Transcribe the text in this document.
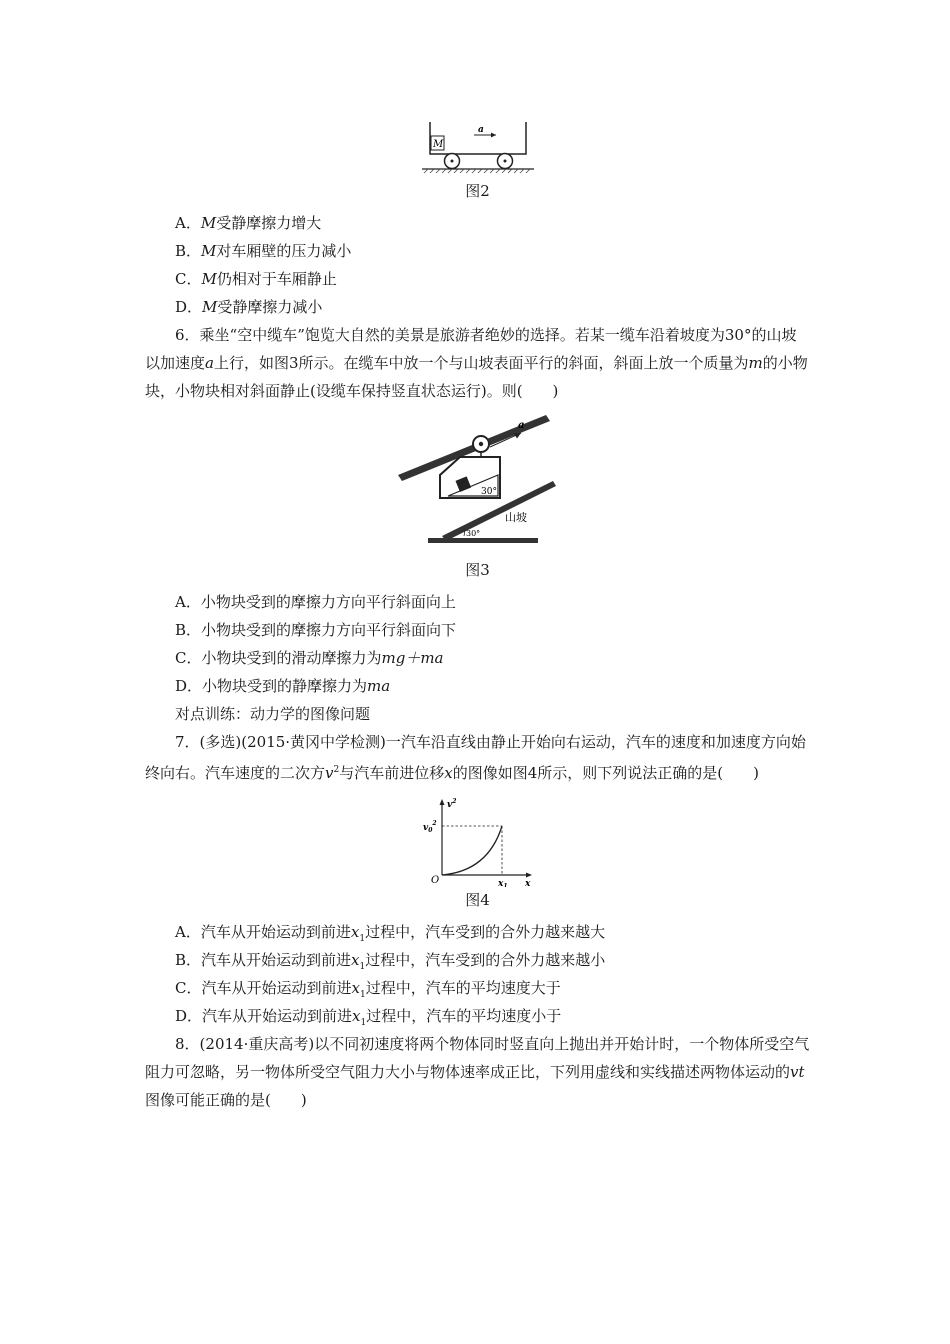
M
a
图2
A．M受静摩擦力增大
B．M对车厢壁的压力减小
C．M仍相对于车厢静止
D．M受静摩擦力减小

6．乘坐“空中缆车”饱览大自然的美景是旅游者绝妙的选择。若某一缆车沿着坡度为30°的山坡以加速度a上行，如图3所示。在缆车中放一个与山坡表面平行的斜面，斜面上放一个质量为m的小物块，小物块相对斜面静止(设缆车保持竖直状态运行)。则(　　)

30°
a
山坡
30°
图3
A．小物块受到的摩擦力方向平行斜面向上
B．小物块受到的摩擦力方向平行斜面向下
C．小物块受到的滑动摩擦力为mg＋ma
D．小物块受到的静摩擦力为ma
对点训练：动力学的图像问题

7．(多选)(2015·黄冈中学检测)一汽车沿直线由静止开始向右运动，汽车的速度和加速度方向始终向右。汽车速度的二次方$v^2$与汽车前进位移x的图像如图4所示，则下列说法正确的是(　　)

$v^2$
$v_0^2$
O	$x_1$ x
图4
A．汽车从开始运动到前进$x_1$过程中，汽车受到的合外力越来越大
B．汽车从开始运动到前进$x_1$过程中，汽车受到的合外力越来越小
C．汽车从开始运动到前进$x_1$过程中，汽车的平均速度大于
D．汽车从开始运动到前进$x_1$过程中，汽车的平均速度小于

8．(2014·重庆高考)以不同初速度将两个物体同时竖直向上抛出并开始计时，一个物体所受空气阻力可忽略，另一物体所受空气阻力大小与物体速率成正比，下列用虚线和实线描述两物体运动的vt图像可能正确的是(　　)
